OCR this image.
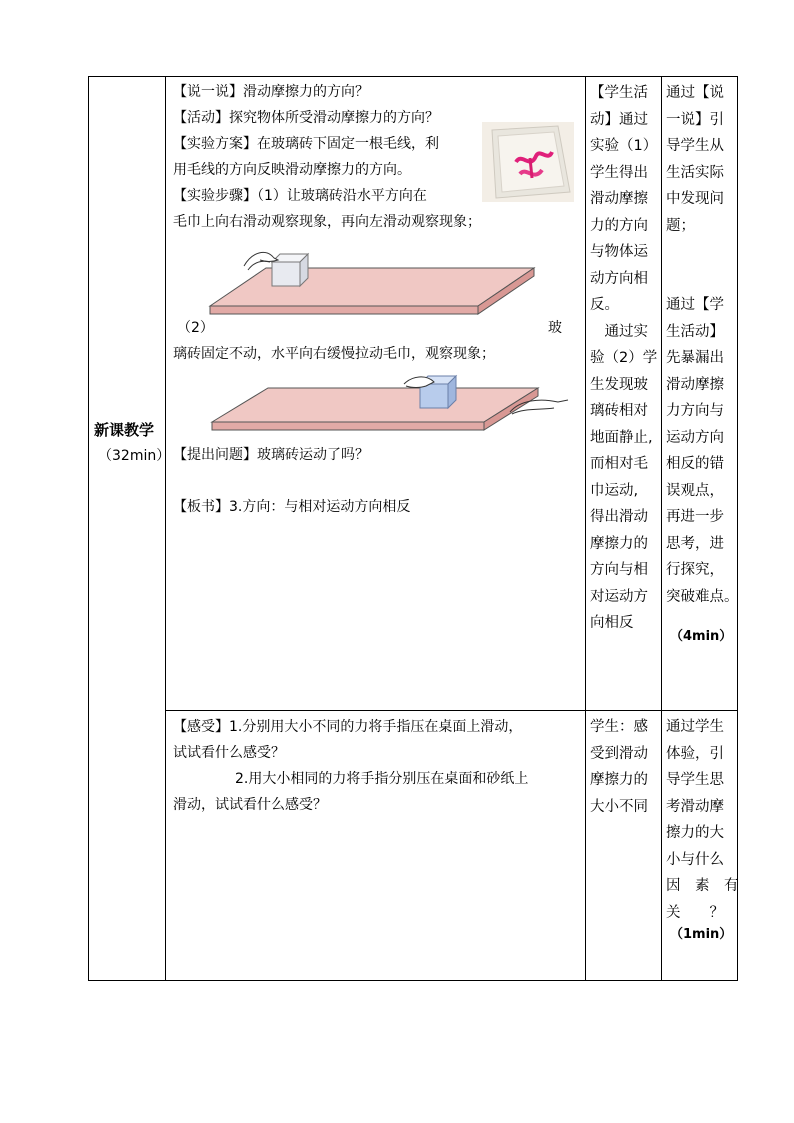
新课教学
（32min）
【说一说】滑动摩擦力的方向？
【活动】探究物体所受滑动摩擦力的方向？
【实验方案】在玻璃砖下固定一根毛线，利
用毛线的方向反映滑动摩擦力的方向。
【实验步骤】（1）让玻璃砖沿水平方向在
毛巾上向右滑动观察现象，再向左滑动观察现象；
（2）	玻
璃砖固定不动，水平向右缓慢拉动毛巾，观察现象；
【提出问题】玻璃砖运动了吗？
【板书】3.方向：与相对运动方向相反
【学生活
动】通过
实验（1）
学生得出
滑动摩擦
力的方向
与物体运
动方向相
反。
　通过实
验（2）学
生发现玻
璃砖相对
地面静止,
而相对毛
巾运动,
得出滑动
摩擦力的
方向与相
对运动方
向相反
通过【说
一说】引
导学生从
生活实际
中发现问
题；
通过【学
生活动】
先暴漏出
滑动摩擦
力方向与
运动方向
相反的错
误观点，
再进一步
思考，进
行探究，
突破难点。
（4min）
【感受】1.分别用大小不同的力将手指压在桌面上滑动，
试试看什么感受？
2.用大小相同的力将手指分别压在桌面和砂纸上
滑动，试试看什么感受？
学生：感
受到滑动
摩擦力的
大小不同
通过学生
体验，引
导学生思
考滑动摩
擦力的大
小与什么
因　素　有
关　　？
（1min）
